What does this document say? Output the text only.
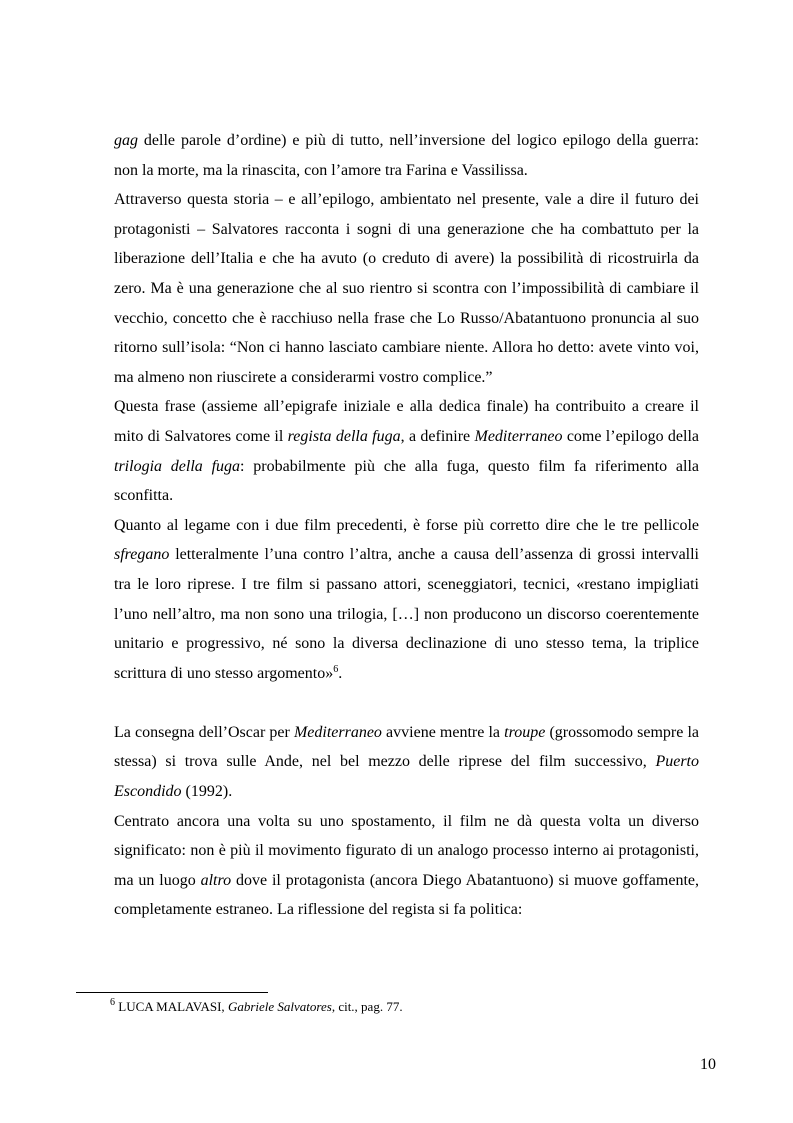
gag delle parole d’ordine) e più di tutto, nell’inversione del logico epilogo della guerra: non la morte, ma la rinascita, con l’amore tra Farina e Vassilissa.

Attraverso questa storia – e all’epilogo, ambientato nel presente, vale a dire il futuro dei protagonisti – Salvatores racconta i sogni di una generazione che ha combattuto per la liberazione dell’Italia e che ha avuto (o creduto di avere) la possibilità di ricostruirla da zero. Ma è una generazione che al suo rientro si scontra con l’impossibilità di cambiare il vecchio, concetto che è racchiuso nella frase che Lo Russo/Abatantuono pronuncia al suo ritorno sull’isola: “Non ci hanno lasciato cambiare niente. Allora ho detto: avete vinto voi, ma almeno non riuscirete a considerarmi vostro complice.”

Questa frase (assieme all’epigrafe iniziale e alla dedica finale) ha contribuito a creare il mito di Salvatores come il regista della fuga, a definire Mediterraneo come l’epilogo della trilogia della fuga: probabilmente più che alla fuga, questo film fa riferimento alla sconfitta.

Quanto al legame con i due film precedenti, è forse più corretto dire che le tre pellicole sfregano letteralmente l’una contro l’altra, anche a causa dell’assenza di grossi intervalli tra le loro riprese. I tre film si passano attori, sceneggiatori, tecnici, «restano impigliati l’uno nell’altro, ma non sono una trilogia, […] non producono un discorso coerentemente unitario e progressivo, né sono la diversa declinazione di uno stesso tema, la triplice scrittura di uno stesso argomento»$^6$.

La consegna dell’Oscar per Mediterraneo avviene mentre la troupe (grossomodo sempre la stessa) si trova sulle Ande, nel bel mezzo delle riprese del film successivo, Puerto Escondido (1992).

Centrato ancora una volta su uno spostamento, il film ne dà questa volta un diverso significato: non è più il movimento figurato di un analogo processo interno ai protagonisti, ma un luogo altro dove il protagonista (ancora Diego Abatantuono) si muove goffamente, completamente estraneo. La riflessione del regista si fa politica:

$^6$ LUCA MALAVASI, Gabriele Salvatores, cit., pag. 77.
10
